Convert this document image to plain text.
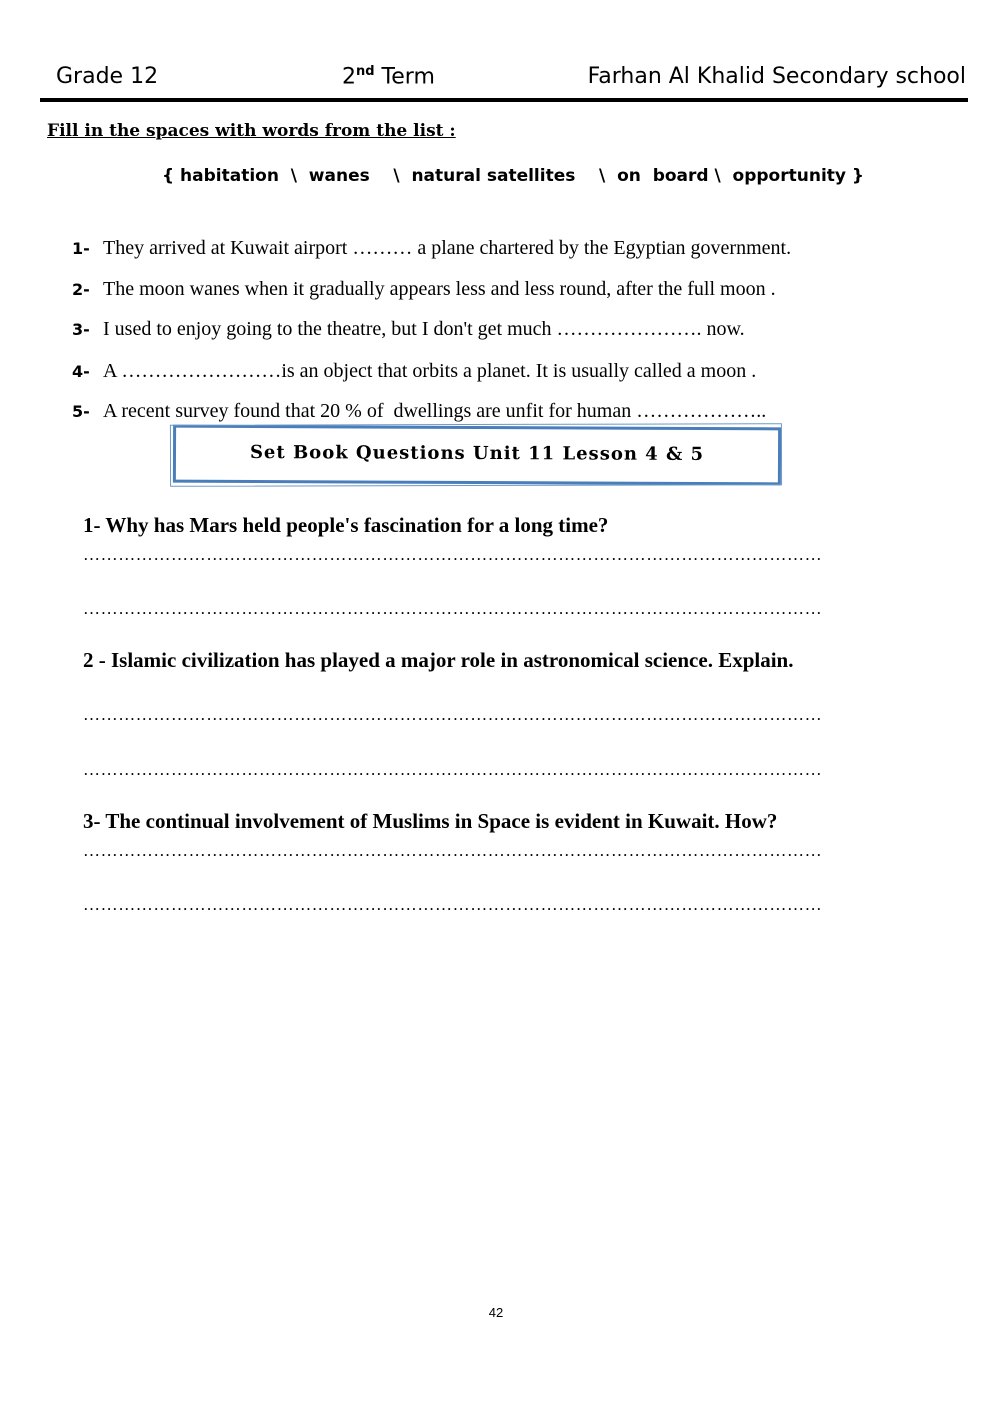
Grade 12	2nd Term	Farhan Al Khalid Secondary school
Fill in the spaces with words from the list :
{ habitation  \  wanes    \  natural satellites    \  on  board \  opportunity }

1- They arrived at Kuwait airport ……… a plane chartered by the Egyptian government.

2- The moon wanes when it gradually appears less and less round, after the full moon .

3- I used to enjoy going to the theatre, but I don't get much …………………. now.

4- A ……………………is an object that orbits a planet. It is usually called a moon .

5- A recent survey found that 20 % of  dwellings are unfit for human ………………..

Set Book Questions Unit 11 Lesson 4 & 5
1- Why has Mars held people's fascination for a long time?
………………………………………………………………………………………………………………
………………………………………………………………………………………………………………
2 - Islamic civilization has played a major role in astronomical science. Explain.
………………………………………………………………………………………………………………
………………………………………………………………………………………………………………
3- The continual involvement of Muslims in Space is evident in Kuwait. How?
………………………………………………………………………………………………………………
………………………………………………………………………………………………………………
42
